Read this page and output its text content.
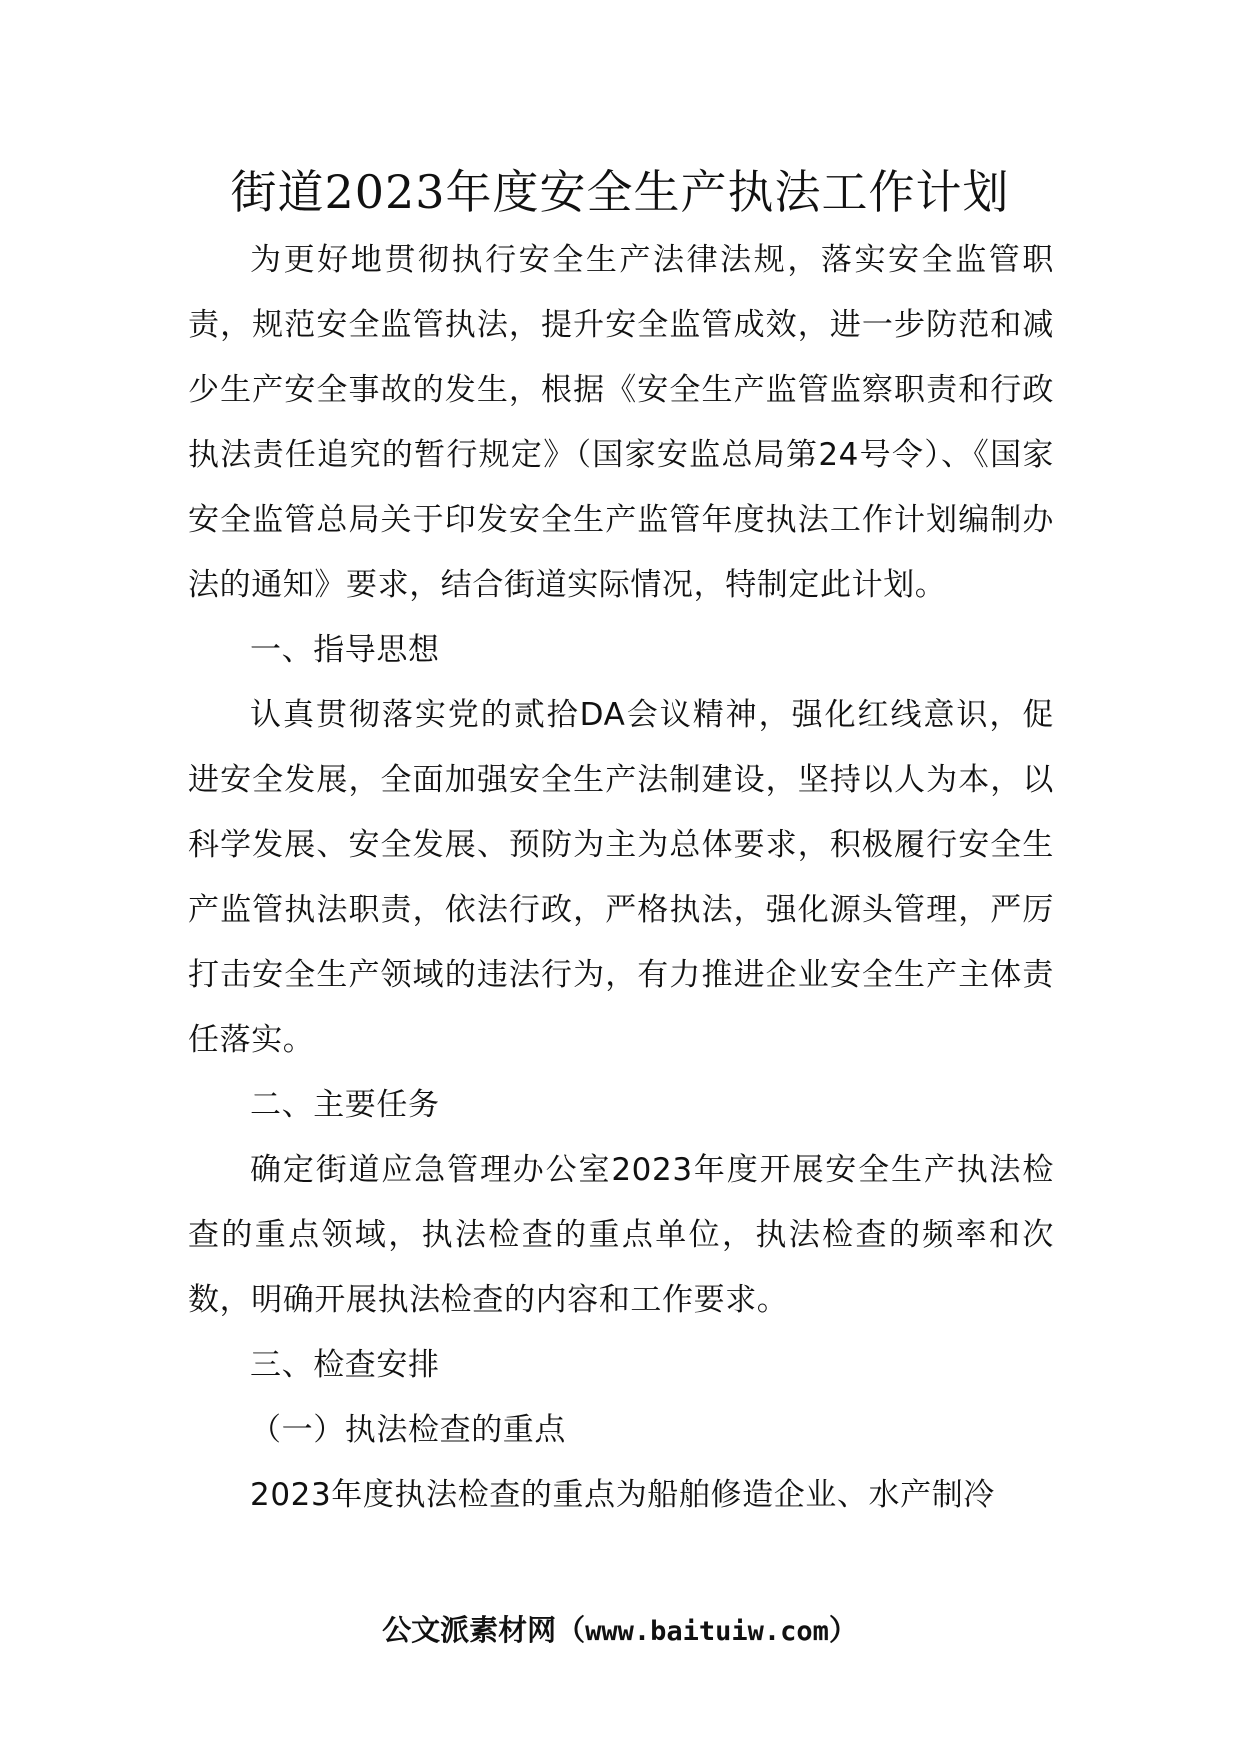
街道2023年度安全生产执法工作计划

为更好地贯彻执行安全生产法律法规，落实安全监管职责，规范安全监管执法，提升安全监管成效，进一步防范和减少生产安全事故的发生，根据《安全生产监管监察职责和行政执法责任追究的暂行规定》（国家安监总局第24号令）、《国家安全监管总局关于印发安全生产监管年度执法工作计划编制办法的通知》要求，结合街道实际情况，特制定此计划。

一、指导思想

认真贯彻落实党的贰拾DA会议精神，强化红线意识，促进安全发展，全面加强安全生产法制建设，坚持以人为本，以科学发展、安全发展、预防为主为总体要求，积极履行安全生产监管执法职责，依法行政，严格执法，强化源头管理，严厉打击安全生产领域的违法行为，有力推进企业安全生产主体责任落实。

二、主要任务

确定街道应急管理办公室2023年度开展安全生产执法检查的重点领域，执法检查的重点单位，执法检查的频率和次数，明确开展执法检查的内容和工作要求。

三、检查安排

（一）执法检查的重点

2023年度执法检查的重点为船舶修造企业、水产制冷

公文派素材网（www.baituiw.com）
